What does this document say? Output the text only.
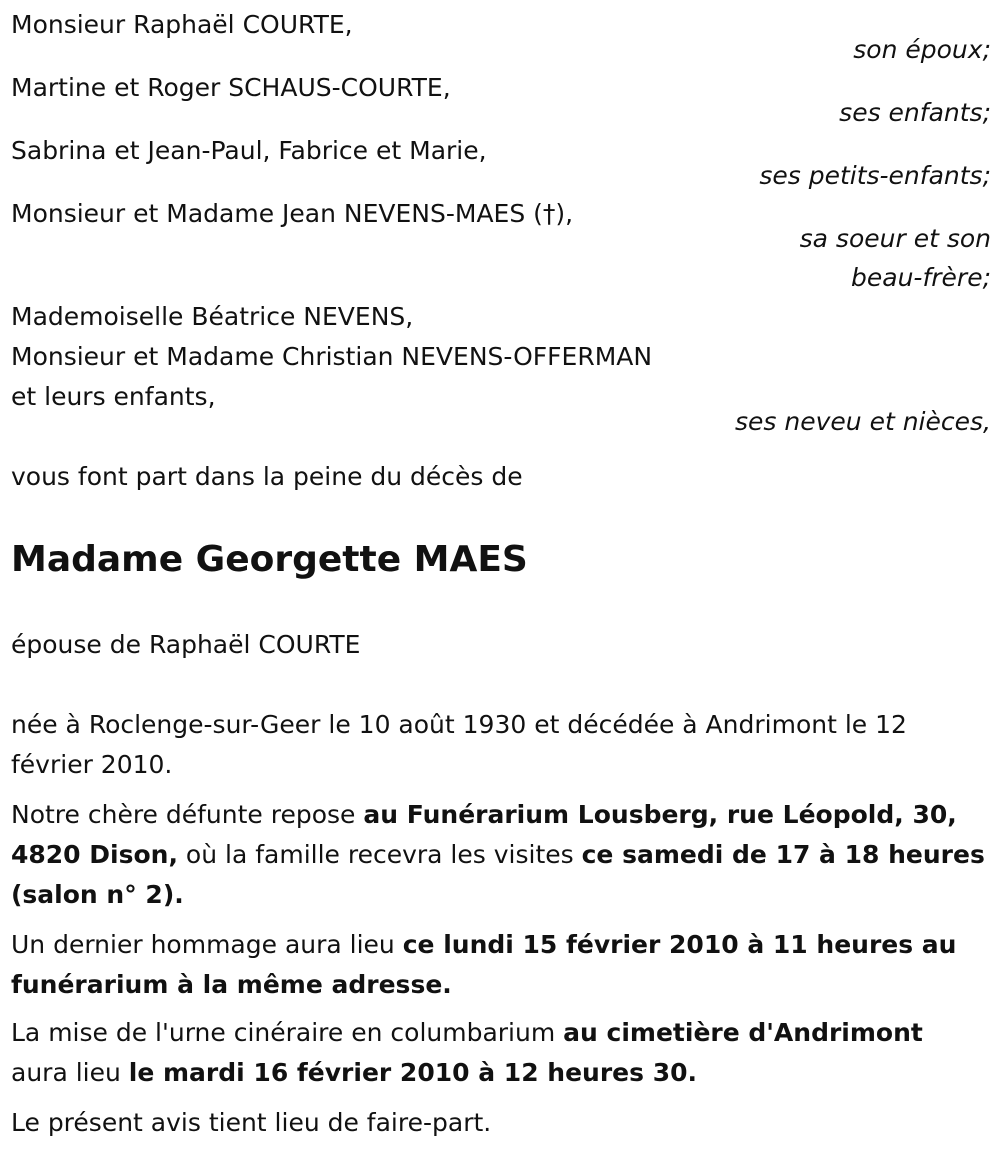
Monsieur Raphaël COURTE,
son époux;
Martine et Roger SCHAUS-COURTE,
ses enfants;
Sabrina et Jean-Paul, Fabrice et Marie,
ses petits-enfants;
Monsieur et Madame Jean NEVENS-MAES (†),
sa soeur et son
beau-frère;
Mademoiselle Béatrice NEVENS,
Monsieur et Madame Christian NEVENS-OFFERMAN
et leurs enfants,
ses neveu et nièces,
vous font part dans la peine du décès de
Madame Georgette MAES
épouse de Raphaël COURTE
née à Roclenge-sur-Geer le 10 août 1930 et décédée à Andrimont le 12 février 2010.
Notre chère défunte repose au Funérarium Lousberg, rue Léopold, 30, 4820 Dison, où la famille recevra les visites ce samedi de 17 à 18 heures (salon n° 2).
Un dernier hommage aura lieu ce lundi 15 février 2010 à 11 heures au funérarium à la même adresse.
La mise de l'urne cinéraire en columbarium au cimetière d'Andrimont aura lieu le mardi 16 février 2010 à 12 heures 30.
Le présent avis tient lieu de faire-part.
